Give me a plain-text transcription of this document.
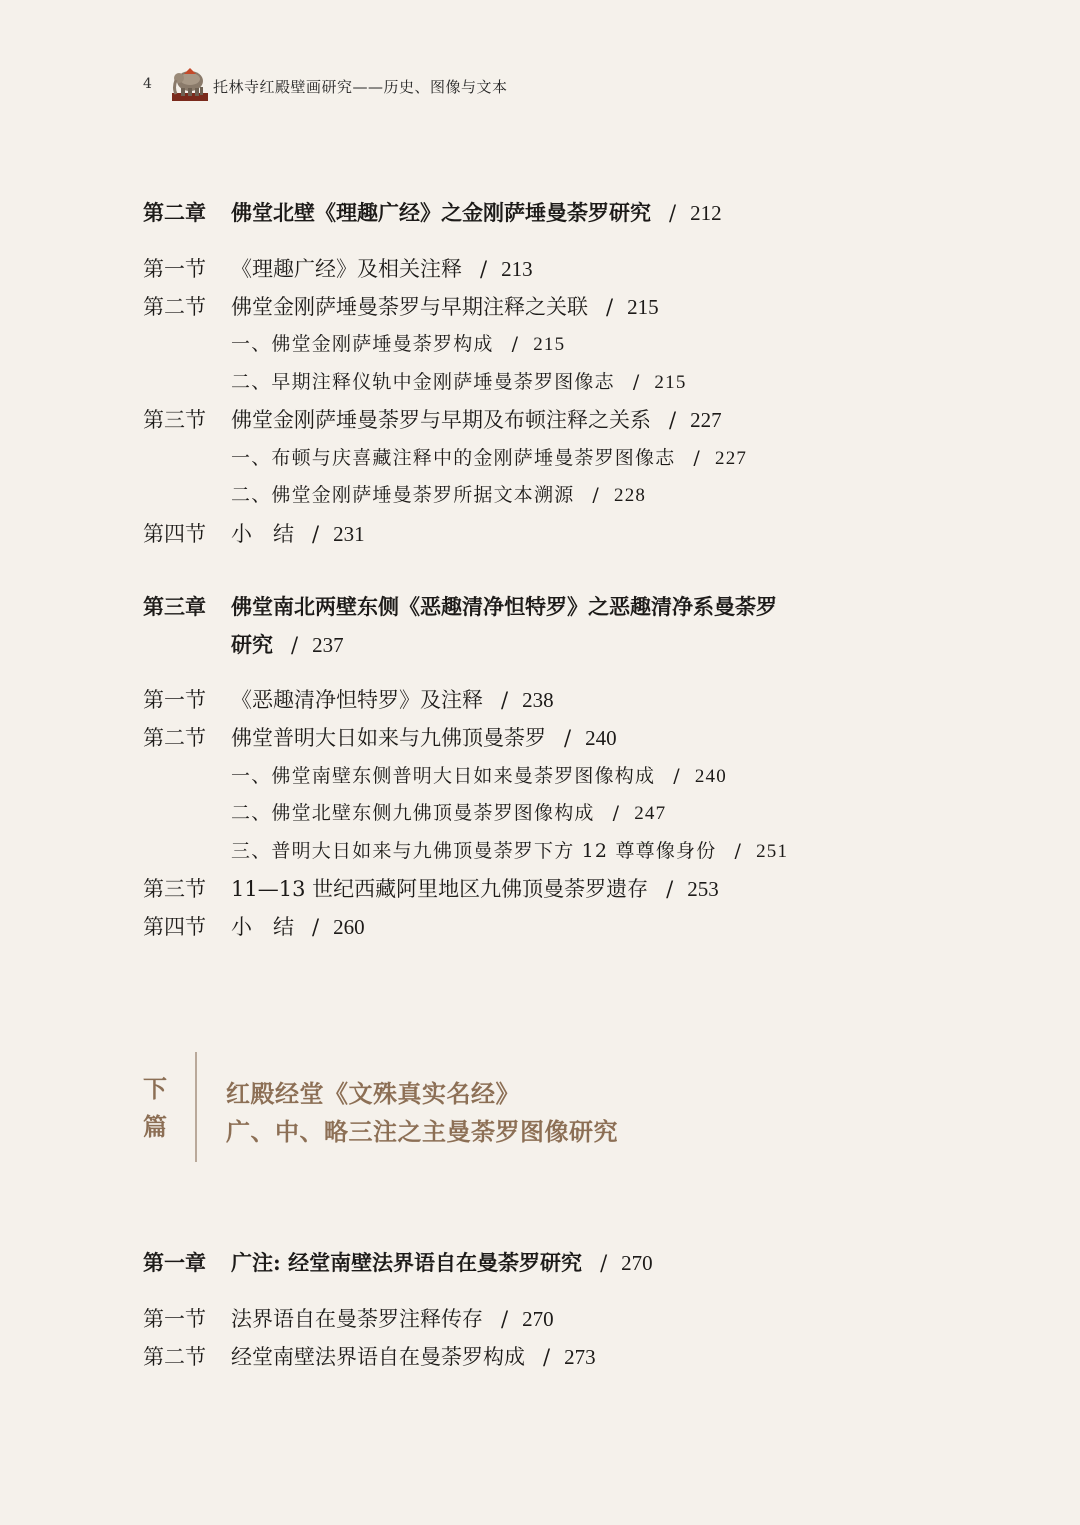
4	托林寺红殿壁画研究——历史、图像与文本
第二章 佛堂北壁《理趣广经》之金刚萨埵曼荼罗研究 / 212
第一节 《理趣广经》及相关注释 / 213
第二节 佛堂金刚萨埵曼荼罗与早期注释之关联 / 215
一、佛堂金刚萨埵曼荼罗构成 / 215
二、早期注释仪轨中金刚萨埵曼荼罗图像志 / 215
第三节 佛堂金刚萨埵曼荼罗与早期及布顿注释之关系 / 227
一、布顿与庆喜藏注释中的金刚萨埵曼荼罗图像志 / 227
二、佛堂金刚萨埵曼荼罗所据文本溯源 / 228
第四节 小　结 / 231
第三章 佛堂南北两壁东侧《恶趣清净怛特罗》之恶趣清净系曼荼罗
研究 / 237
第一节 《恶趣清净怛特罗》及注释 / 238
第二节 佛堂普明大日如来与九佛顶曼荼罗 / 240
一、佛堂南壁东侧普明大日如来曼荼罗图像构成 / 240
二、佛堂北壁东侧九佛顶曼荼罗图像构成 / 247
三、普明大日如来与九佛顶曼荼罗下方 12 尊尊像身份 / 251
第三节 11—13 世纪西藏阿里地区九佛顶曼荼罗遗存 / 253
第四节 小　结 / 260
下
篇
红殿经堂《文殊真实名经》
广、中、略三注之主曼荼罗图像研究
第一章 广注: 经堂南壁法界语自在曼荼罗研究 / 270
第一节 法界语自在曼荼罗注释传存 / 270
第二节 经堂南壁法界语自在曼荼罗构成 / 273
